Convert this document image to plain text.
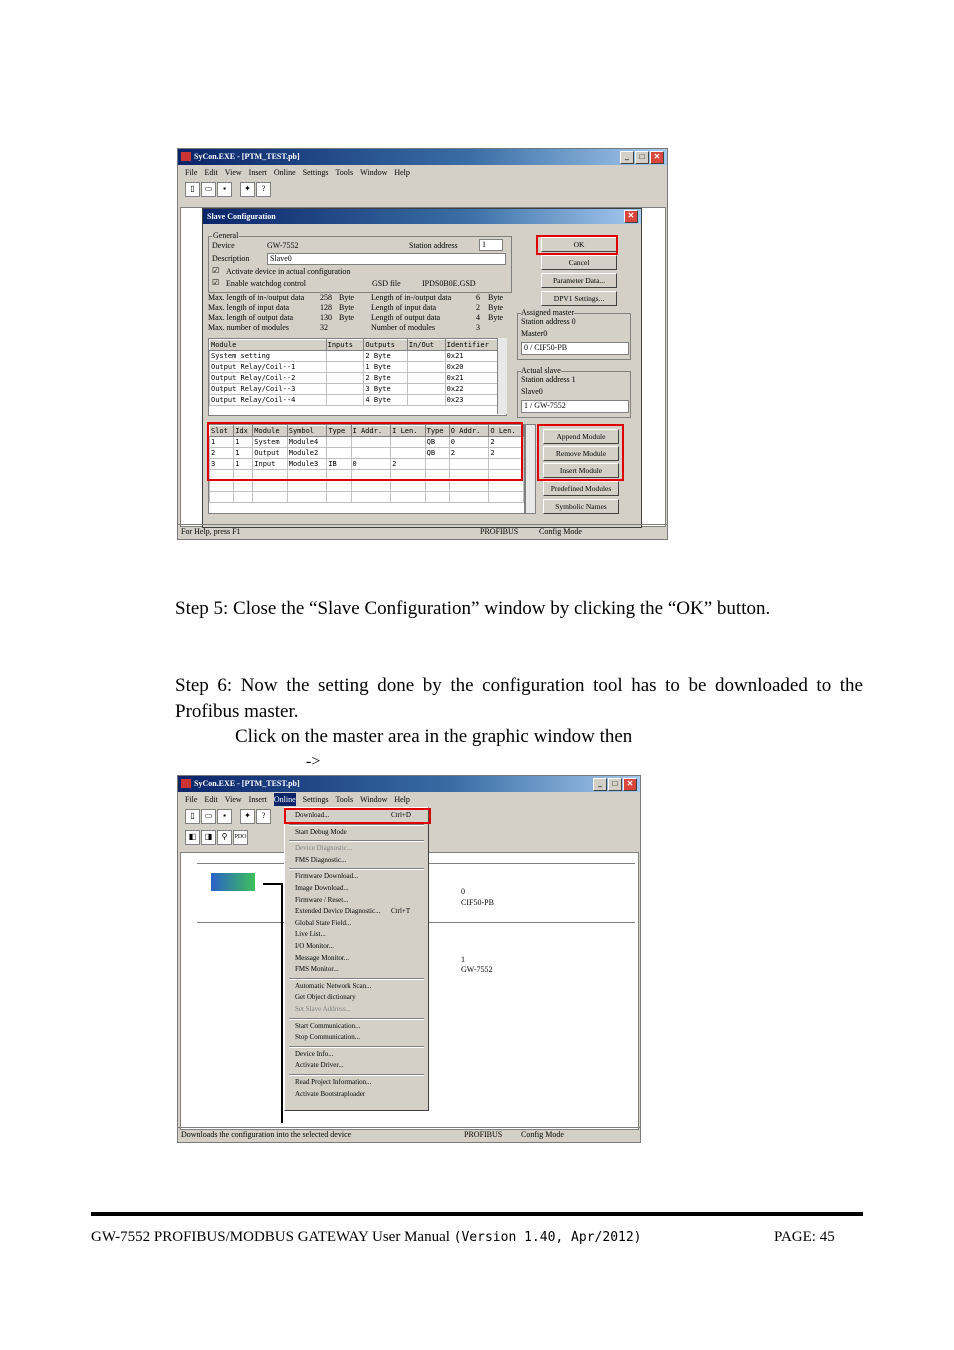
SyCon.EXE - [PTM_TEST.pb]	_	□	✕
File Edit View Insert Online Settings Tools Window Help
▯	▭	▪	✦	?
Slave Configuration	✕
General
Device	GW-7552	Station address	1
Description	Slave0
☑ Activate device in actual configuration
☑ Enable watchdog control	GSD file	IPDS0B0E.GSD
Max. length of in-/output data 258 Byte Length of in-/output data	6 Byte
Max. length of input data	128 Byte Length of input data	2 Byte
Max. length of output data	130 Byte Length of output data	4 Byte
Max. number of modules	32	Number of modules	3
Module	Inputs	Outputs	In/Out	Identifier
System setting		2 Byte		0x21
Output Relay/Coil--1		1 Byte		0x20
Output Relay/Coil--2		2 Byte		0x21
Output Relay/Coil--3		3 Byte		0x22
Output Relay/Coil--4		4 Byte		0x23
Slot	Idx	Module	Symbol	Type	I Addr.	I Len.	Type	O Addr.	O Len.
1	1	System	Module4				QB	0	2
2	1	Output	Module2				QB	2	2
3	1	Input	Module3	IB	0	2			

OK
Cancel
Parameter Data...
DPV1 Settings...
Assigned master
Station address 0
Master0
0 / CIF50-PB
Actual slave
Station address 1
Slave0
1 / GW-7552
Append Module
Remove Module
Insert Module
Predefined Modules
Symbolic Names
For Help, press F1	PROFIBUS	Config Mode
Step 5: Close the “Slave Configuration” window by clicking the “OK” button.
Step 6: Now the setting done by the configuration tool has to be downloaded to the Profibus master.
Click on the master area in the graphic window then
->
SyCon.EXE - [PTM_TEST.pb]	_	□	✕
File Edit View Insert Online Settings Tools Window Help
▯	▭	▪	✦	?
◧	◨	⚲	PDO
0
CIF50-PB
1
GW-7552
Download...	Ctrl+D
Start Debug Mode
Device Diagnostic...
FMS Diagnostic...
Firmware Download...
Image Download...
Firmware / Reset...
Extended Device Diagnostic... Ctrl+T
Global State Field...
Live List...
I/O Monitor...
Message Monitor...
FMS Monitor...
Automatic Network Scan...
Get Object dictionary
Set Slave Address...
Start Communication...
Stop Communication...
Device Info...
Activate Driver...
Read Project Information...
Activate Bootstraploader
Downloads the configuration into the selected device	PROFIBUS Config Mode
GW-7552 PROFIBUS/MODBUS GATEWAY User Manual (Version 1.40, Apr/2012)	PAGE: 45
